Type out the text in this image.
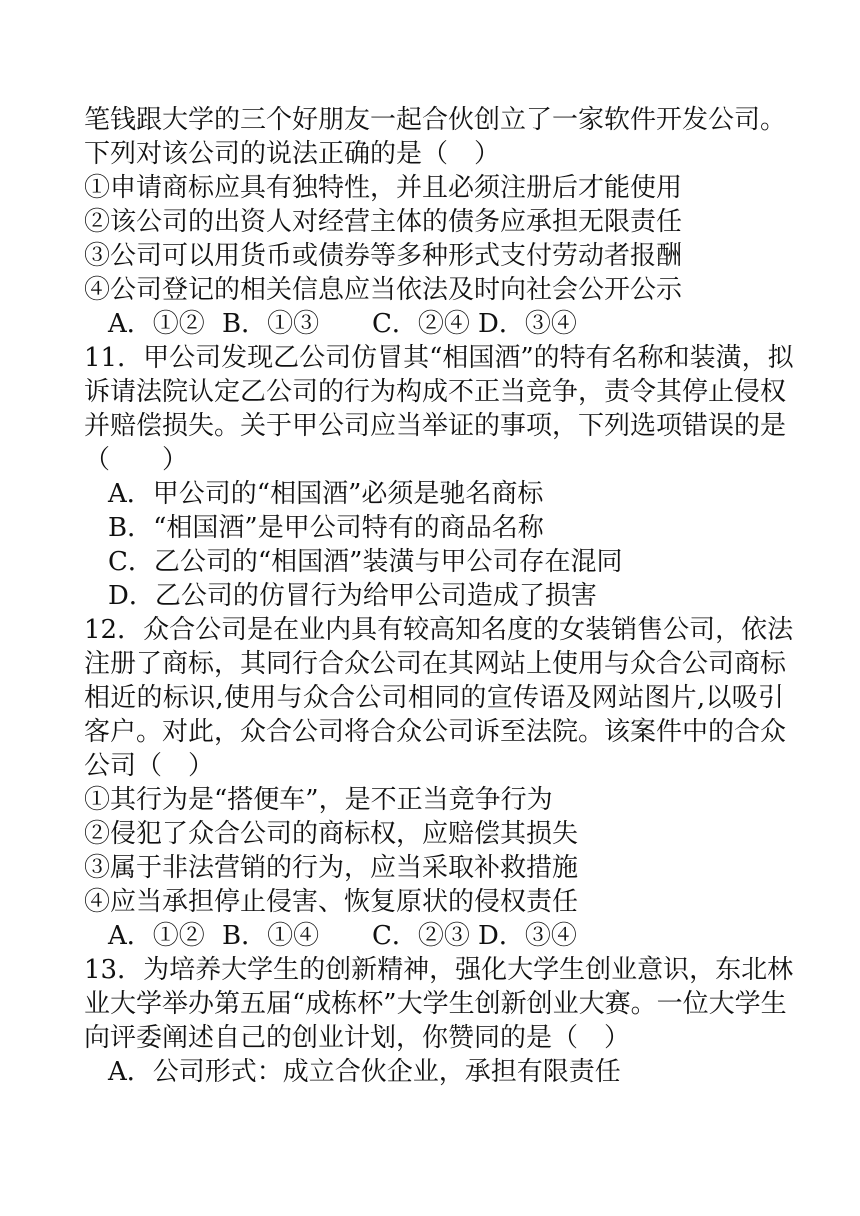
笔钱跟大学的三个好朋友一起合伙创立了一家软件开发公司。
下列对该公司的说法正确的是（　）
①申请商标应具有独特性，并且必须注册后才能使用
②该公司的出资人对经营主体的债务应承担无限责任
③公司可以用货币或债券等多种形式支付劳动者报酬
④公司登记的相关信息应当依法及时向社会公开公示
A．①② B．①③	C．②④ D．③④
11．甲公司发现乙公司仿冒其“相国酒”的特有名称和装潢，拟
诉请法院认定乙公司的行为构成不正当竞争，责令其停止侵权
并赔偿损失。关于甲公司应当举证的事项，下列选项错误的是
（　　）
A．甲公司的“相国酒”必须是驰名商标
B．“相国酒”是甲公司特有的商品名称
C．乙公司的“相国酒”装潢与甲公司存在混同
D．乙公司的仿冒行为给甲公司造成了损害
12．众合公司是在业内具有较高知名度的女装销售公司，依法
注册了商标，其同行合众公司在其网站上使用与众合公司商标
相近的标识,使用与众合公司相同的宣传语及网站图片,以吸引
客户。对此，众合公司将合众公司诉至法院。该案件中的合众
公司（　）
①其行为是“搭便车”，是不正当竞争行为
②侵犯了众合公司的商标权，应赔偿其损失
③属于非法营销的行为，应当采取补救措施
④应当承担停止侵害、恢复原状的侵权责任
A．①② B．①④	C．②③ D．③④
13．为培养大学生的创新精神，强化大学生创业意识，东北林
业大学举办第五届“成栋杯”大学生创新创业大赛。一位大学生
向评委阐述自己的创业计划，你赞同的是（　）
A．公司形式：成立合伙企业，承担有限责任
